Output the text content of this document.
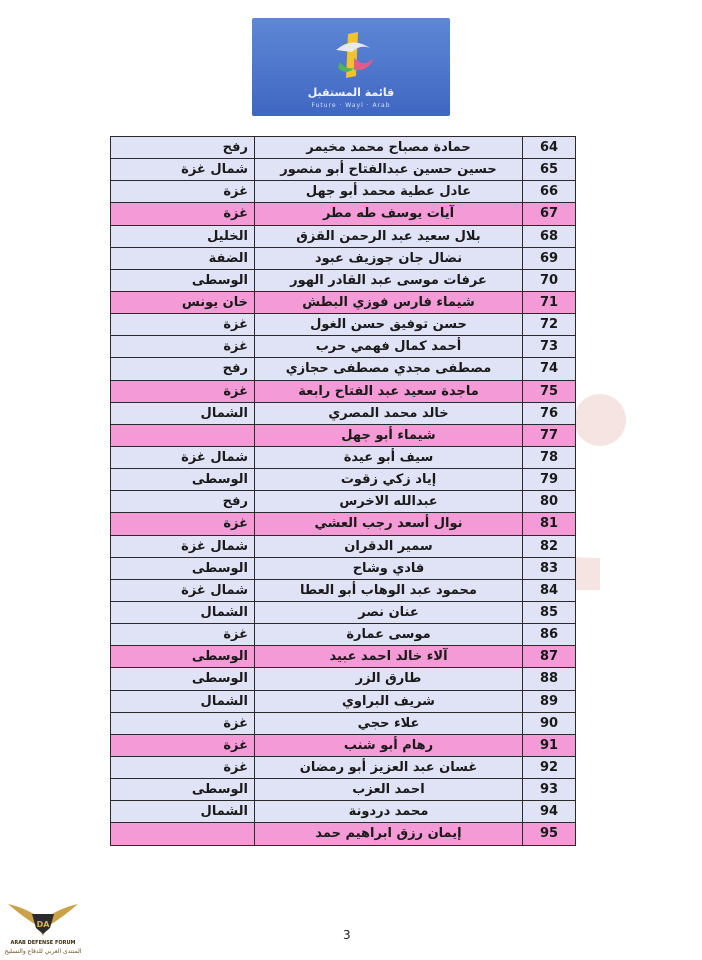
قائمة المستقبل
Future · Wayl · Arab
64	حمادة مصباح محمد مخيمر	رفح
65	حسين حسين عبدالفتاح أبو منصور	شمال غزة
66	عادل عطية محمد أبو جهل	غزة
67	آيات يوسف طه مطر	غزة
68	بلال سعيد عبد الرحمن القزق	الخليل
69	نضال جان جوزيف عبود	الضفة
70	عرفات موسى عبد القادر الهور	الوسطى
71	شيماء فارس فوزي البطش	خان يونس
72	حسن توفيق حسن الغول	غزة
73	أحمد كمال فهمي حرب	غزة
74	مصطفى مجدي مصطفى حجازي	رفح
75	ماجدة سعيد عبد الفتاح رابعة	غزة
76	خالد محمد المصري	الشمال
77	شيماء أبو جهل	
78	سيف أبو عيدة	شمال غزة
79	إياد زكي زقوت	الوسطى
80	عبدالله الاخرس	رفح
81	نوال أسعد رجب العشي	غزة
82	سمير الدقران	شمال غزة
83	فادي وشاح	الوسطى
84	محمود عبد الوهاب أبو العطا	شمال غزة
85	عنان نصر	الشمال
86	موسى عمارة	غزة
87	آلاء خالد احمد عبيد	الوسطى
88	طارق الزر	الوسطى
89	شريف البراوي	الشمال
90	علاء حجي	غزة
91	رهام أبو شنب	غزة
92	غسان عبد العزيز أبو رمضان	غزة
93	احمد العزب	الوسطى
94	محمد دردونة	الشمال
95	إيمان رزق ابراهيم حمد	
3
DA
ARAB DEFENSE FORUM
المنتدى العربي للدفاع والتسليح
